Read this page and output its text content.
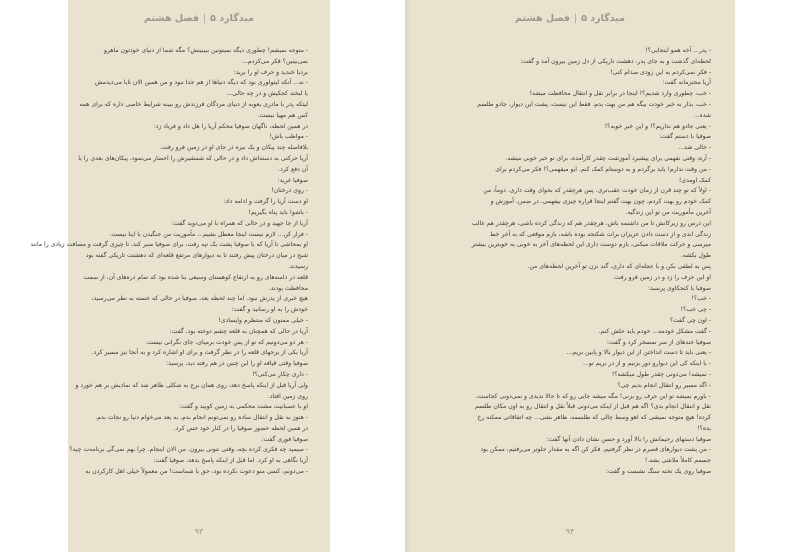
میدگارد ۵|فصل هشتم

- متوجه نمیشم! چطوری دیگه نمیتونین ببینینش؟ مگه شما از دنیای خودتون ماهرو

نمی‌بینین؟ فکر می‌کردم...

بردیا خندید و حرف او را برید:

- نه... آنکه لیتولوری بود که دیگه دنیاها از هم جدا نبود و من همین الان تایا می‌دیدمش

با لبخند کجکیش و در چه حالی...

لیتکه پدر با مادری بعوبه از دنیای مردگان فرزندش رو ببینه شرایط خاصی داره که برای همه

کس هم مهیا نیست.

در همین لحظه، ناگهان صوفیا محکم آریا را هل داد و فریاد زد:

- مواظب باش!

بلافاصله چند پیکان و یک نیزه در جای او در زمین فرو رفت.

آریا حرکتی به دسته‌اش داد و در حالی که شمشیرش را احضار می‌نمود، پیکان‌های بعدی را با

آن دفع کرد.

صوفیا غرید:

- روی درختان!

او دست آریا را گرفت و ادامه داد:

- باشو! باید پناه بگیریم!

آریا از جا جهید و در حالی که همراه با او می‌دوید گفت:

- فرار کن... لازم نیست اینجا معطل بشیم... مأموریت من جنگیدن با اینا نیست.

او بمحاشی تا آریا که با صوفیا پشت یک تپه رفت، برای صوفیا صبر کند، تا چیزی گرفت و مسافت زیادی را مانند

شبح در میان درختان پیش رفتند تا به دیوارهای مرتفع قلعه‌ای که دهشتت تاریکی گفته بود

رسیدند.

قلعه در دامنه‌های رو به ارتفاع کوهستان وسیعی بنا شده بود که تمام دره‌های آن، از سمت

محافظت بودند.

هیچ خبری از پدرش نبود. اما چند لحظه بعد، صوفیا در حالی که خسته به نظر می‌رسید،

خودش را به او رسانید و گفت:

- خیلی ممنون که منتظرم وایسادی!

آریا در حالی که همچنان به قلعه چشم دوخته بود، گفت:

- هر دو می‌دونیم که تو از پس خودت برمیای، جای نگرانی نیست.

آریا یکی از برجهای قلعه را در نظر گرفت و برای او اشاره کرد و به آنجا نیز مسیر کرد.

صوفیا وقتی قیافه او را این چنین در هم رفته دید، پرسید:

- داری چکار می‌کنی؟!

ولی آریا قبل از اینکه پاسخ دهد، روی همان برج به شکلی ظاهر شد که نمادیش بر هم خورد و

روی زمین افتاد.

او با عصبانیت مشت محکمی به زمین کوبید و گفت:

- هنوز به نقل و انتقال ساده رو نمی‌تونم انجام بدم. به بعد می‌خوام دنیا رو نجات بدم.

در همین لحظه حضور صوفیا را در کنار خود حس کرد.

صوفیا فوری گفت:

- سیمید چه فکری کرده بچه، وقتی نتونی بیرون. من الان اینجام. چرا بهم نمی‌گی برنامه‌ت چیه؟

آریا نگاهی به او کرد. اما قبل از اینکه پاسخ بدهد، صوفیا گفت:

- می‌دونم، کسی منو دعوت نکرده بود، حق با شماست! من معمولاً خیلی اهل کارکردن به

۹۳
میدگارد ۵|فصل هشتم

- پدر... آخه همو اینجایی؟!

لحظه‌ای گذشت و به جای پدر، دهشت تاریکی از دل زمین بیرون آمد و گفت:

- فکر نمی‌کردم به این زودی صدام کنی!

آریا محترمانه گفت:

- خب، چطوری وارد شدیم؟! اینجا در برابر نقل و انتقال محافظت میشه!

- خب، بذار به خیر خودت بیگه هم من بهت بدم. فقط این نیست، پشت این دیوار، جادو طلسم

شده...

- یعنی جادو هم نداریم؟! و این خبر خوبه؟!

صوفیا با دستم گفت:

- خالی شد...

- آره، وقتی نفهمی برای پیشبرد آموزشت چقدر کارآمده، برای تو خبر خوبی میشه.

- من وقت ندارم! باید برگردم و به دوستام کمک کنم. ایو میفهمی؟! فکر می‌کردم برای

کمک اومدی!

- اولاً که تو چند قرن از زمان خودت عقب‌تری. پس هرچقدر که بخوای وقت داری. دوماً، من

کمک خودم رو بهت کردم، چون بهت گفتم اینجا قراره چیزی بیفهمی. در ضمن، آموزش و

آخرین مأموریت من تو این زندگیه.

این درس رو زیرکانش تا من داشتمه باش، هرچقدر هم که زندگی کرده باشی، هرچقدر هم غالب

زندگی اندی و از دست دادن عزیزان برات شکنجه بوده باشه، بازم موقعی که به آخر خط

میرسی و حرکت ملاقات میکنی، بازم دوست داری این لحظه‌های آخر به خوبی به خوبترین بیشتر

طول بکشه.

پس به لطفی بکن و با عجله‌ای که داری، گند نزن تو آخرین لحظه‌های من.

او این حرف را زد و در زمین فرو رفت.

صوفیا با کنجکاوی پرسید:

- خب؟!

- چی خب؟!

- اون چی گفت؟

- گفت مشکل خودمه... خودم باید حلش کنم.

صوفیا خندهای از سر تمسخر کرد و گفت:

- یعنی باید تا دست انداختن از این دیوار بالا و پایین بریم...

- با اینکه کی این دیوارو دور بزنیم و از در بریم تو...

- نمیشه! می‌دونی چقدر طول میکشه؟!

- اگه مسیر رو انتقال انجام بدیم چی؟

- باورم نمیشه تو این حرف رو بزنی! مگه میشه جایی رو که تا حالا ندیدی و نمی‌دونی کجاست،

نقل و انتقال انجام بدی؟ اگه هم قبل از اینکه می‌دونی قبلاً نقل و انتقال رو به اون مکان طلسم

کرده! هیچ متوجه نمیشی که اهو وسط چالی که طلسمه، ظاهر بشی... چه اتفاقاتی ممکنه رخ

بده؟!

صوفیا دستهای رحیمانش را بالا آورد و حسن نشان دادن آنها گفت:

- من پشت دیوارهای قصرم در نظر گرفتیم. فکر کن اگه به مقدار جلوتر می‌رفتیم، ممکن بود

جسمم کاملاً ملاشی بشه.!

صوفیا روی یک تخته سنگ نشست و گفت:

۹۴
